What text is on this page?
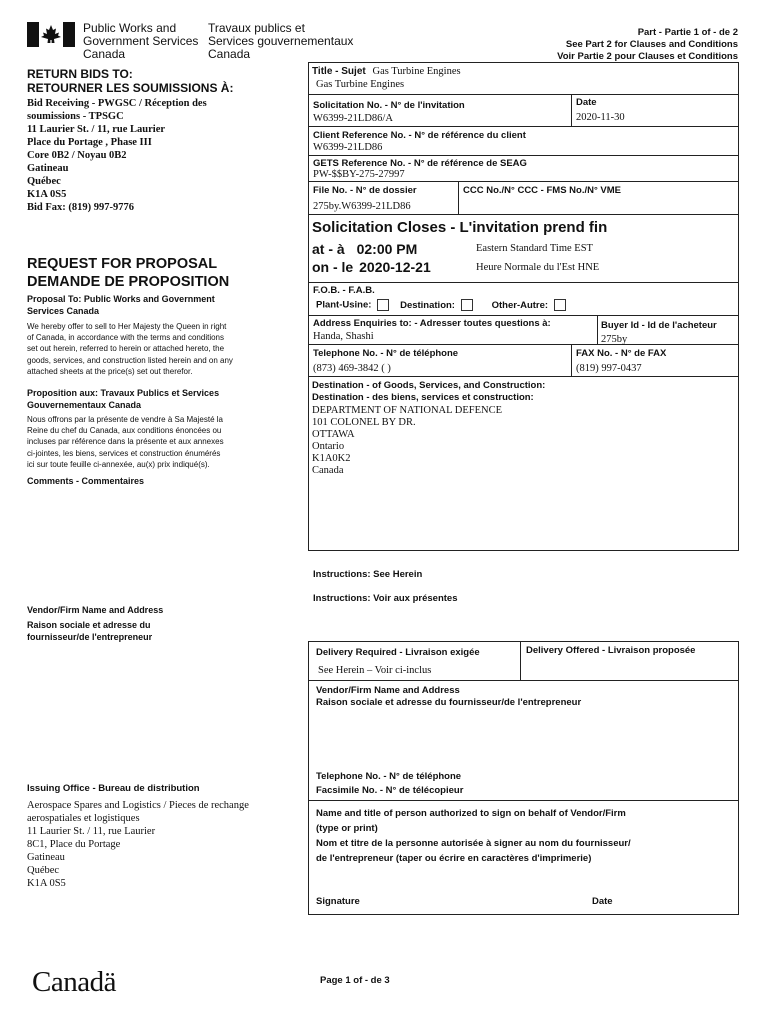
Public Works and
Government Services
Canada
Travaux publics et
Services gouvernementaux
Canada
Part - Partie 1 of - de 2
See Part 2 for Clauses and Conditions
Voir Partie 2 pour Clauses et Conditions
RETURN BIDS TO:
RETOURNER LES SOUMISSIONS À:
Bid Receiving - PWGSC / Réception des
soumissions - TPSGC
11 Laurier St. / 11, rue Laurier
Place du Portage , Phase III
Core 0B2 / Noyau 0B2
Gatineau
Québec
K1A 0S5
Bid Fax: (819) 997-9776
REQUEST FOR PROPOSAL
DEMANDE DE PROPOSITION
Proposal To: Public Works and Government
Services Canada
We hereby offer to sell to Her Majesty the Queen in right
of Canada, in accordance with the terms and conditions
set out herein, referred to herein or attached hereto, the
goods, services, and construction listed herein and on any
attached sheets at the price(s) set out therefor.
Proposition aux: Travaux Publics et Services
Gouvernementaux Canada
Nous offrons par la présente de vendre à Sa Majesté la
Reine du chef du Canada, aux conditions énoncées ou
incluses par référence dans la présente et aux annexes
ci-jointes, les biens, services et construction énumérés
ici sur toute feuille ci-annexée, au(x) prix indiqué(s).
Comments - Commentaires
Vendor/Firm Name and Address
Raison sociale et adresse du
fournisseur/de l'entrepreneur
Issuing Office - Bureau de distribution
Aerospace Spares and Logistics / Pieces de rechange
aerospatiales et logistiques
11 Laurier St. / 11, rue Laurier
8C1, Place du Portage
Gatineau
Québec
K1A 0S5
Title - Sujet Gas Turbine Engines
Gas Turbine Engines
Solicitation No. - N° de l'invitation
W6399-21LD86/A
Date
2020-11-30
Client Reference No. - N° de référence du client
W6399-21LD86
GETS Reference No. - N° de référence de SEAG
PW-$$BY-275-27997
File No. - N° de dossier
275by.W6399-21LD86
CCC No./N° CCC - FMS No./N° VME
Solicitation Closes - L'invitation prend fin
at - à 02:00 PM
on - le 2020-12-21
Eastern Standard Time EST
Heure Normale du l'Est HNE
F.O.B. - F.A.B.
Plant-Usine:	Destination:	Other-Autre:
Address Enquiries to: - Adresser toutes questions à:
Handa, Shashi
Buyer Id - Id de l'acheteur
275by
Telephone No. - N° de téléphone
(873) 469-3842 ( )
FAX No. - N° de FAX
(819) 997-0437
Destination - of Goods, Services, and Construction:
Destination - des biens, services et construction:
DEPARTMENT OF NATIONAL DEFENCE
101 COLONEL BY DR.
OTTAWA
Ontario
K1A0K2
Canada
Instructions: See Herein
Instructions: Voir aux présentes
Delivery Required - Livraison exigée
See Herein – Voir ci-inclus
Delivery Offered - Livraison proposée
Vendor/Firm Name and Address
Raison sociale et adresse du fournisseur/de l'entrepreneur
Telephone No. - N° de téléphone
Facsimile No. - N° de télécopieur
Name and title of person authorized to sign on behalf of Vendor/Firm
(type or print)
Nom et titre de la personne autorisée à signer au nom du fournisseur/
de l'entrepreneur (taper ou écrire en caractères d'imprimerie)
Signature	Date
Canadä	Page 1 of - de 3
